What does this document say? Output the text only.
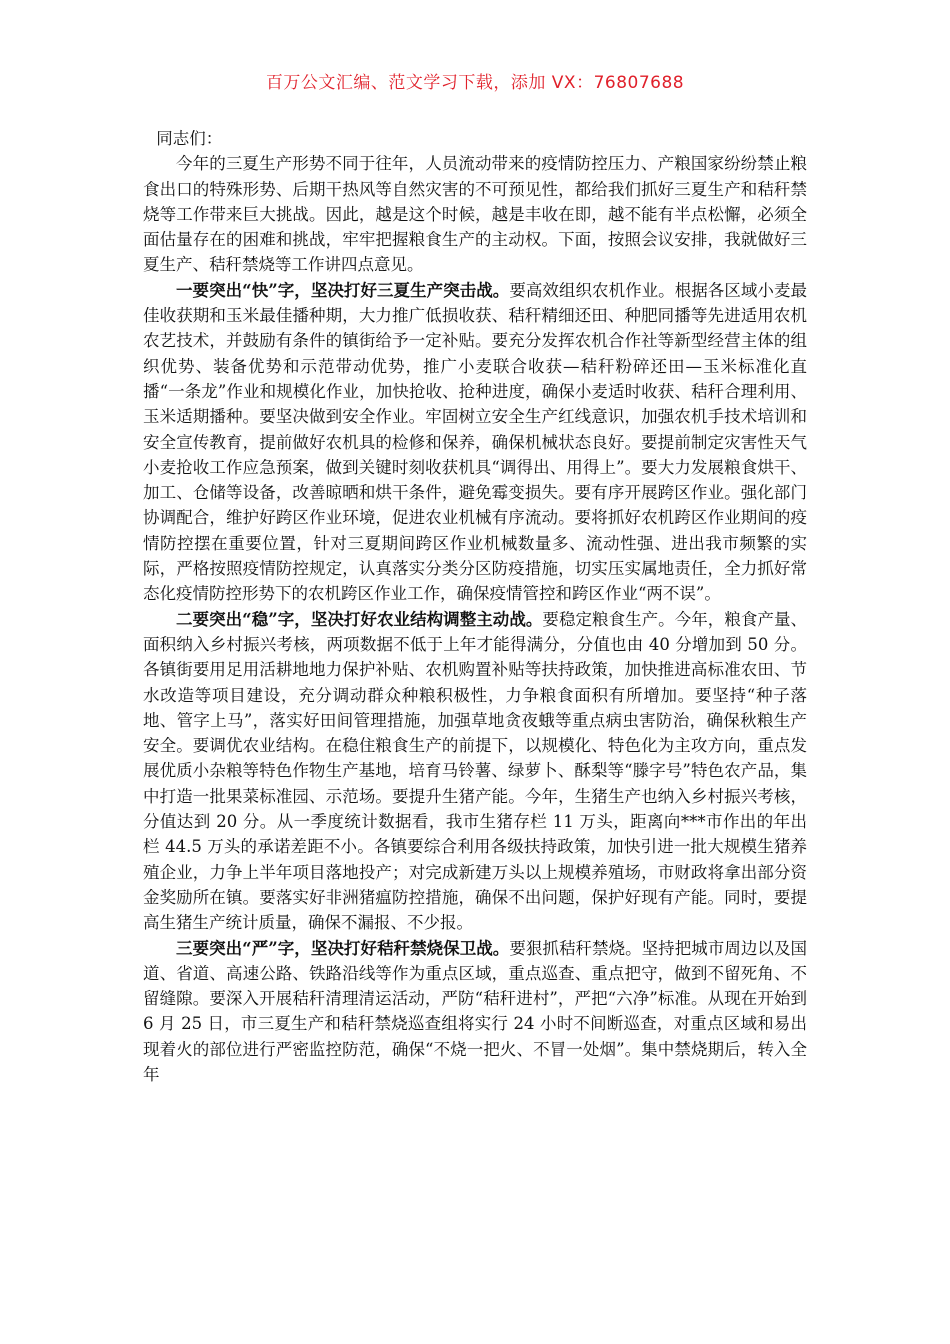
百万公文汇编、范文学习下载，添加 VX：76807688

同志们：

今年的三夏生产形势不同于往年，人员流动带来的疫情防控压力、产粮国家纷纷禁止粮食出口的特殊形势、后期干热风等自然灾害的不可预见性，都给我们抓好三夏生产和秸秆禁烧等工作带来巨大挑战。因此，越是这个时候，越是丰收在即，越不能有半点松懈，必须全面估量存在的困难和挑战，牢牢把握粮食生产的主动权。下面，按照会议安排，我就做好三夏生产、秸秆禁烧等工作讲四点意见。

一要突出“快”字，坚决打好三夏生产突击战。要高效组织农机作业。根据各区域小麦最佳收获期和玉米最佳播种期，大力推广低损收获、秸秆精细还田、种肥同播等先进适用农机农艺技术，并鼓励有条件的镇街给予一定补贴。要充分发挥农机合作社等新型经营主体的组织优势、装备优势和示范带动优势，推广小麦联合收获—秸秆粉碎还田—玉米标准化直播“一条龙”作业和规模化作业，加快抢收、抢种进度，确保小麦适时收获、秸秆合理利用、玉米适期播种。要坚决做到安全作业。牢固树立安全生产红线意识，加强农机手技术培训和安全宣传教育，提前做好农机具的检修和保养，确保机械状态良好。要提前制定灾害性天气小麦抢收工作应急预案，做到关键时刻收获机具“调得出、用得上”。要大力发展粮食烘干、加工、仓储等设备，改善晾晒和烘干条件，避免霉变损失。要有序开展跨区作业。强化部门协调配合，维护好跨区作业环境，促进农业机械有序流动。要将抓好农机跨区作业期间的疫情防控摆在重要位置，针对三夏期间跨区作业机械数量多、流动性强、进出我市频繁的实际，严格按照疫情防控规定，认真落实分类分区防疫措施，切实压实属地责任，全力抓好常态化疫情防控形势下的农机跨区作业工作，确保疫情管控和跨区作业“两不误”。

二要突出“稳”字，坚决打好农业结构调整主动战。要稳定粮食生产。今年，粮食产量、面积纳入乡村振兴考核，两项数据不低于上年才能得满分，分值也由 40 分增加到 50 分。各镇街要用足用活耕地地力保护补贴、农机购置补贴等扶持政策，加快推进高标准农田、节水改造等项目建设，充分调动群众种粮积极性，力争粮食面积有所增加。要坚持“种子落地、管字上马”，落实好田间管理措施，加强草地贪夜蛾等重点病虫害防治，确保秋粮生产安全。要调优农业结构。在稳住粮食生产的前提下，以规模化、特色化为主攻方向，重点发展优质小杂粮等特色作物生产基地，培育马铃薯、绿萝卜、酥梨等“滕字号”特色农产品，集中打造一批果菜标准园、示范场。要提升生猪产能。今年，生猪生产也纳入乡村振兴考核，分值达到 20 分。从一季度统计数据看，我市生猪存栏 11 万头，距离向***市作出的年出栏 44.5 万头的承诺差距不小。各镇要综合利用各级扶持政策，加快引进一批大规模生猪养殖企业，力争上半年项目落地投产；对完成新建万头以上规模养殖场，市财政将拿出部分资金奖励所在镇。要落实好非洲猪瘟防控措施，确保不出问题，保护好现有产能。同时，要提高生猪生产统计质量，确保不漏报、不少报。

三要突出“严”字，坚决打好秸秆禁烧保卫战。要狠抓秸秆禁烧。坚持把城市周边以及国道、省道、高速公路、铁路沿线等作为重点区域，重点巡查、重点把守，做到不留死角、不留缝隙。要深入开展秸秆清理清运活动，严防“秸秆进村”，严把“六净”标准。从现在开始到 6 月 25 日，市三夏生产和秸秆禁烧巡查组将实行 24 小时不间断巡查，对重点区域和易出现着火的部位进行严密监控防范，确保“不烧一把火、不冒一处烟”。集中禁烧期后，转入全年
